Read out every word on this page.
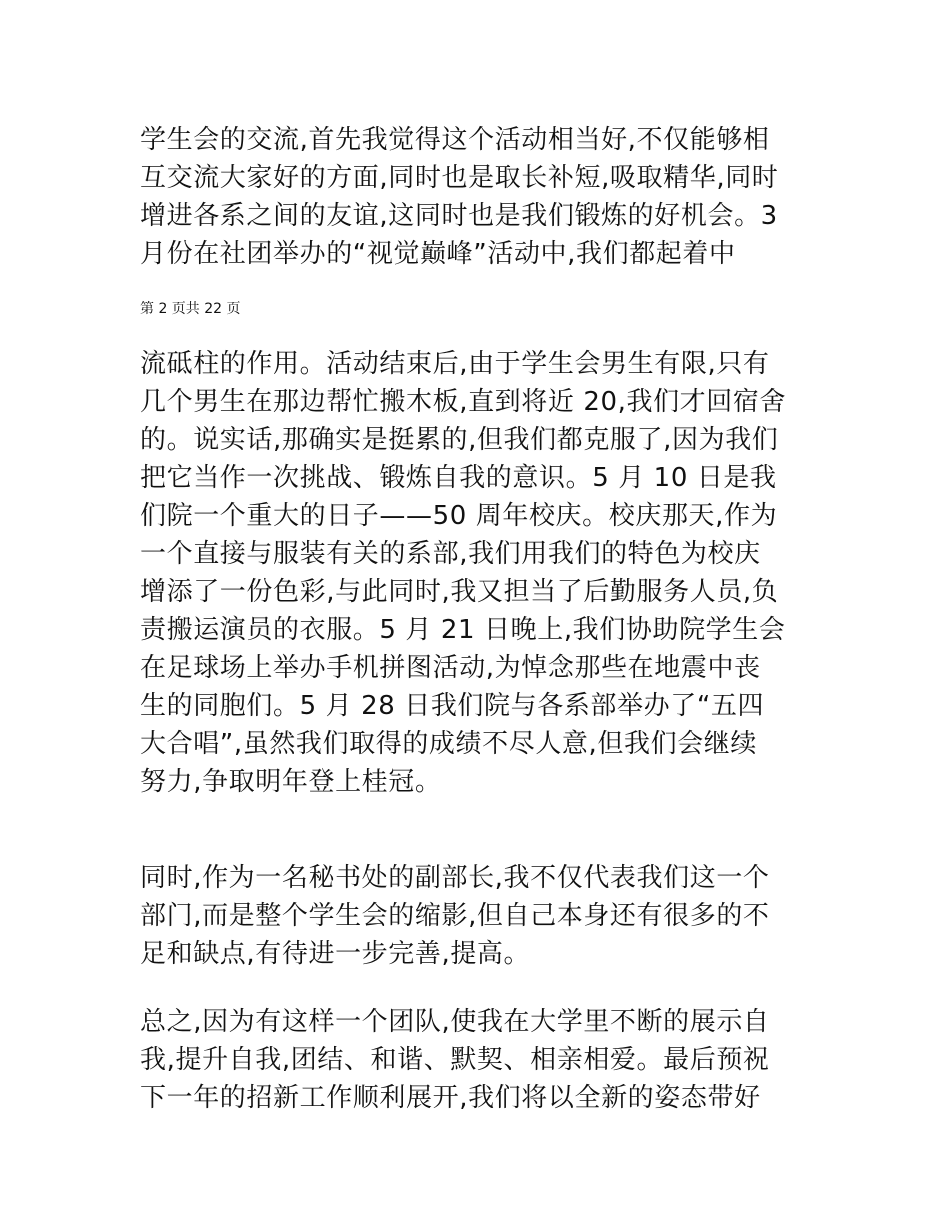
学生会的交流,首先我觉得这个活动相当好,不仅能够相
互交流大家好的方面,同时也是取长补短,吸取精华,同时
增进各系之间的友谊,这同时也是我们锻炼的好机会。3
月份在社团举办的“视觉巅峰”活动中,我们都起着中
第 2 页共 22 页
流砥柱的作用。活动结束后,由于学生会男生有限,只有
几个男生在那边帮忙搬木板,直到将近 20,我们才回宿舍
的。说实话,那确实是挺累的,但我们都克服了,因为我们
把它当作一次挑战、锻炼自我的意识。5 月 10 日是我
们院一个重大的日子——50 周年校庆。校庆那天,作为
一个直接与服装有关的系部,我们用我们的特色为校庆
增添了一份色彩,与此同时,我又担当了后勤服务人员,负
责搬运演员的衣服。5 月 21 日晚上,我们协助院学生会
在足球场上举办手机拼图活动,为悼念那些在地震中丧
生的同胞们。5 月 28 日我们院与各系部举办了“五四
大合唱”,虽然我们取得的成绩不尽人意,但我们会继续
努力,争取明年登上桂冠。
同时,作为一名秘书处的副部长,我不仅代表我们这一个
部门,而是整个学生会的缩影,但自己本身还有很多的不
足和缺点,有待进一步完善,提高。
总之,因为有这样一个团队,使我在大学里不断的展示自
我,提升自我,团结、和谐、默契、相亲相爱。最后预祝
下一年的招新工作顺利展开,我们将以全新的姿态带好
